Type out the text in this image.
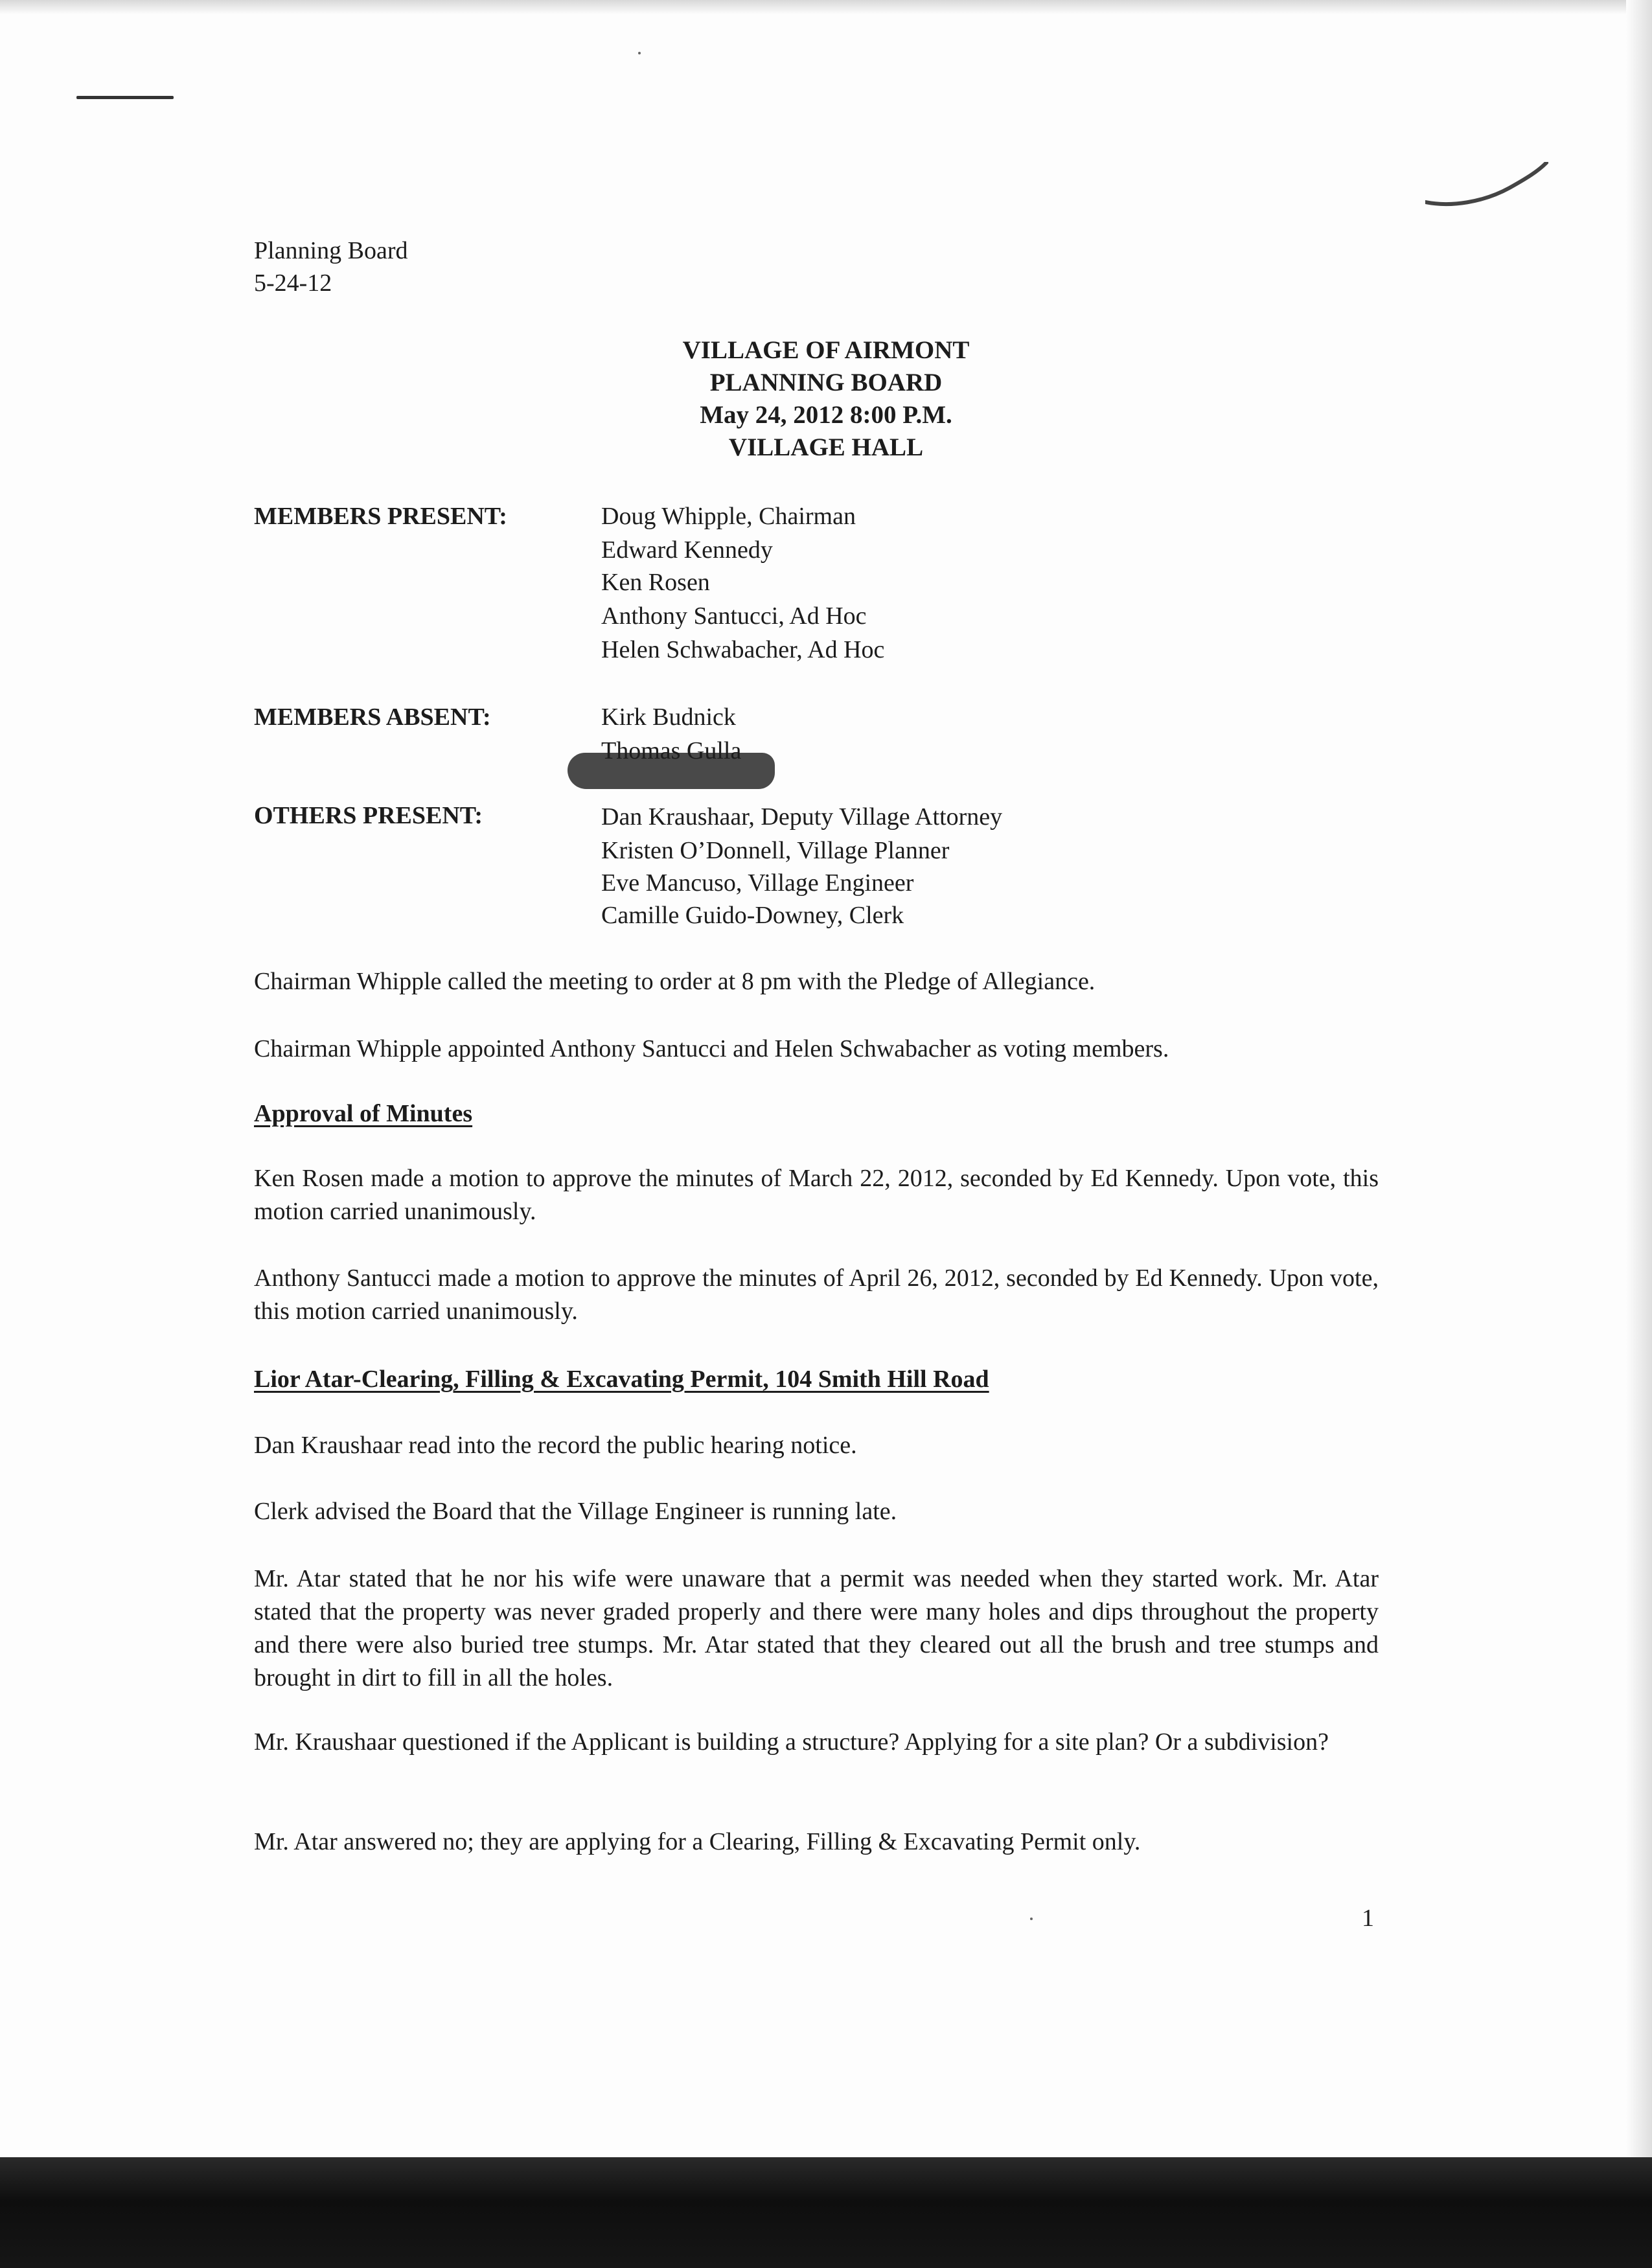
Planning Board
5-24-12
VILLAGE OF AIRMONT
PLANNING BOARD
May 24, 2012 8:00 P.M.
VILLAGE HALL
MEMBERS PRESENT:	Doug Whipple, Chairman
Edward Kennedy
Ken Rosen
Anthony Santucci, Ad Hoc
Helen Schwabacher, Ad Hoc
MEMBERS ABSENT:	Kirk Budnick
Thomas Gulla
OTHERS PRESENT:	Dan Kraushaar, Deputy Village Attorney
Kristen O’Donnell, Village Planner
Eve Mancuso, Village Engineer
Camille Guido-Downey, Clerk
Chairman Whipple called the meeting to order at 8 pm with the Pledge of Allegiance.
Chairman Whipple appointed Anthony Santucci and Helen Schwabacher as voting members.
Approval of Minutes
Ken Rosen made a motion to approve the minutes of March 22, 2012, seconded by Ed Kennedy. Upon vote, this motion carried unanimously.
Anthony Santucci made a motion to approve the minutes of April 26, 2012, seconded by Ed Kennedy. Upon vote, this motion carried unanimously.
Lior Atar-Clearing, Filling & Excavating Permit, 104 Smith Hill Road
Dan Kraushaar read into the record the public hearing notice.
Clerk advised the Board that the Village Engineer is running late.
Mr. Atar stated that he nor his wife were unaware that a permit was needed when they started work. Mr. Atar stated that the property was never graded properly and there were many holes and dips throughout the property and there were also buried tree stumps. Mr. Atar stated that they cleared out all the brush and tree stumps and brought in dirt to fill in all the holes.
Mr. Kraushaar questioned if the Applicant is building a structure? Applying for a site plan? Or a subdivision?
Mr. Atar answered no; they are applying for a Clearing, Filling & Excavating Permit only.
1
